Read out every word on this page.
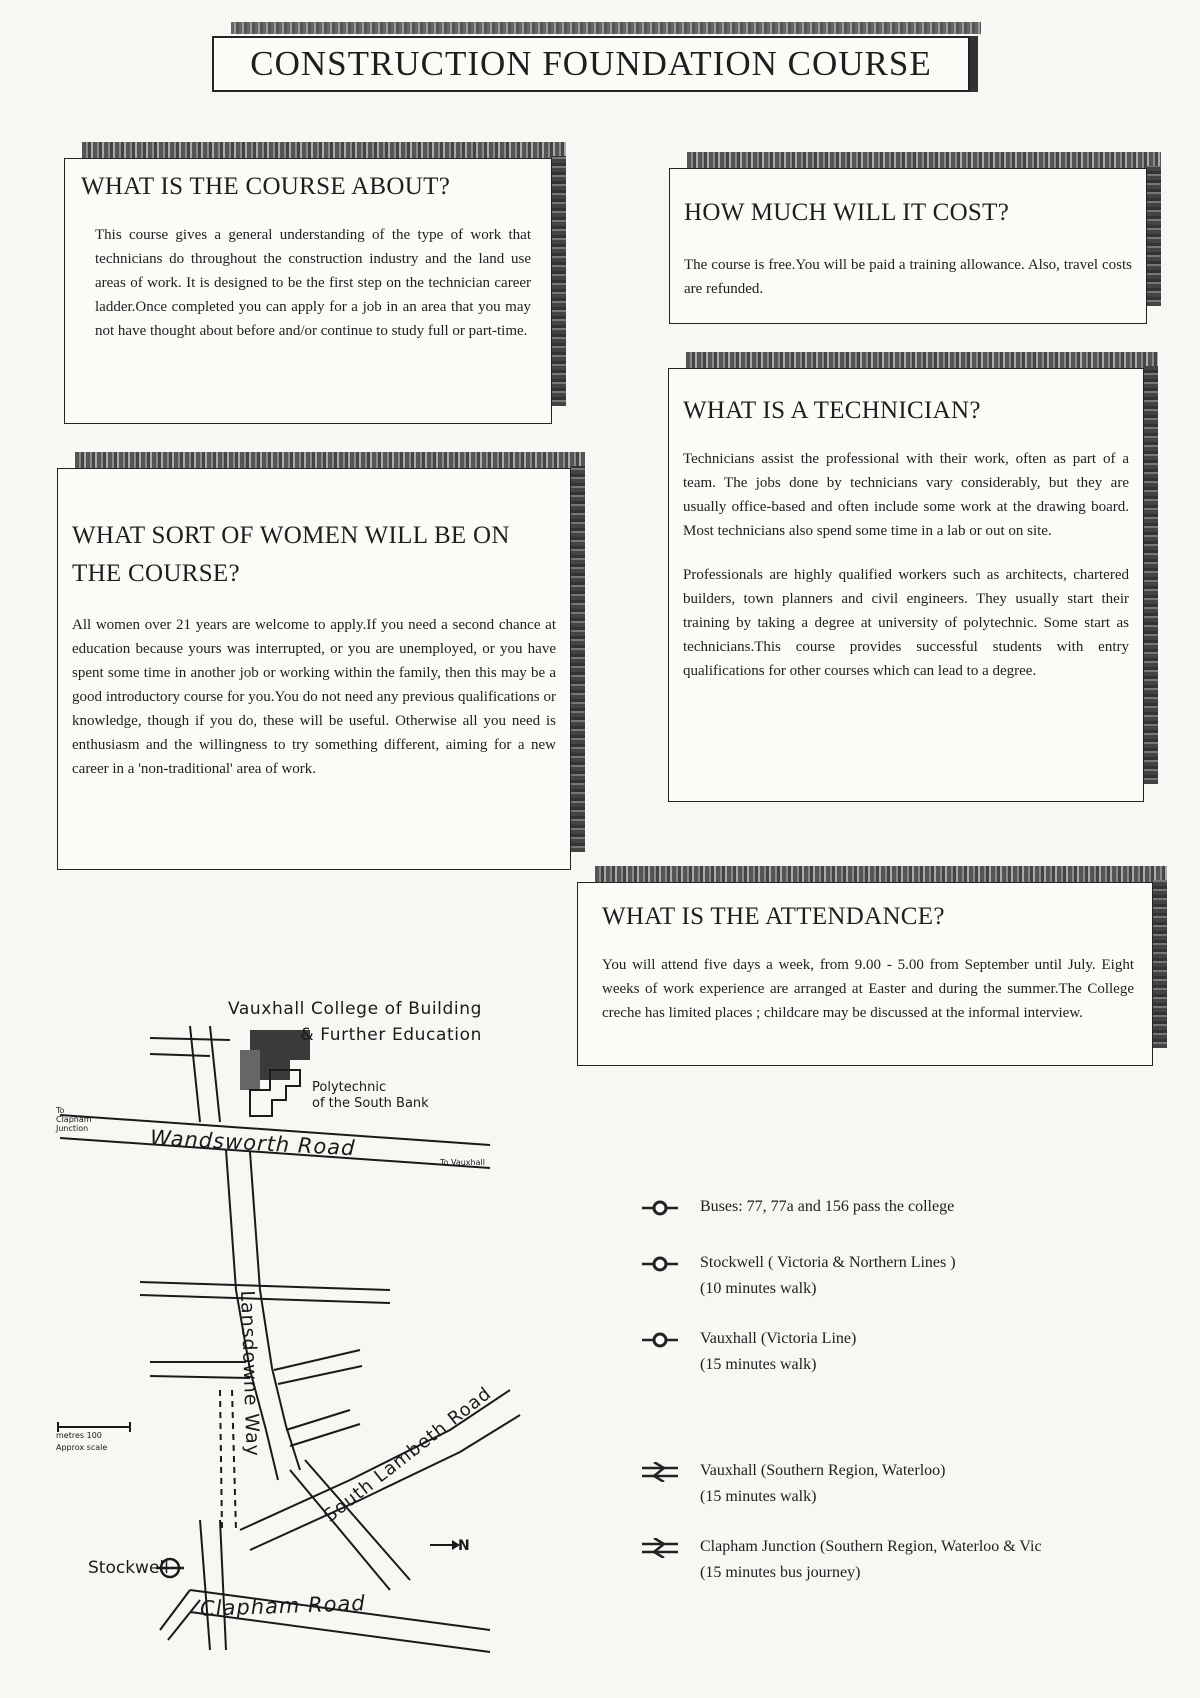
CONSTRUCTION FOUNDATION COURSE
WHAT IS THE COURSE ABOUT?

This course gives a general understanding of the type of work that technicians do throughout the construction industry and the land use areas of work. It is designed to be the first step on the technician career ladder.Once completed you can apply for a job in an area that you may not have thought about before and/or continue to study full or part-time.

HOW MUCH WILL IT COST?

The course is free.You will be paid a training allowance. Also, travel costs are refunded.

WHAT SORT OF WOMEN WILL BE ON THE COURSE?

All women over 21 years are welcome to apply.If you need a second chance at education because yours was interrupted, or you are unemployed, or you have spent some time in another job or working within the family, then this may be a good introductory course for you.You do not need any previous qualifications or knowledge, though if you do, these will be useful. Otherwise all you need is enthusiasm and the willingness to try something different, aiming for a new career in a 'non-traditional' area of work.

WHAT IS A TECHNICIAN?

Technicians assist the professional with their work, often as part of a team. The jobs done by technicians vary considerably, but they are usually office-based and often include some work at the drawing board. Most technicians also spend some time in a lab or out on site.

Professionals are highly qualified workers such as architects, chartered builders, town planners and civil engineers. They usually start their training by taking a degree at university of polytechnic. Some start as technicians.This course provides successful students with entry qualifications for other courses which can lead to a degree.

WHAT IS THE ATTENDANCE?

You will attend five days a week, from 9.00 - 5.00 from September until July. Eight weeks of work experience are arranged at Easter and during the summer.The College creche has limited places ; childcare may be discussed at the informal interview.

Vauxhall College of Building
& Further Education
Polytechnic
of the South Bank
To Clapham Junction
To Vauxhall
Wandsworth Road
Lansdowne Way	South Lambeth Road
Clapham Road
Stockwell
N
metres 100
Approx scale
Buses: 77, 77a and 156 pass the college
Stockwell ( Victoria & Northern Lines )
(10 minutes walk)
Vauxhall (Victoria Line)
(15 minutes walk)
Vauxhall (Southern Region, Waterloo)
(15 minutes walk)
Clapham Junction (Southern Region, Waterloo & Vic
(15 minutes bus journey)
